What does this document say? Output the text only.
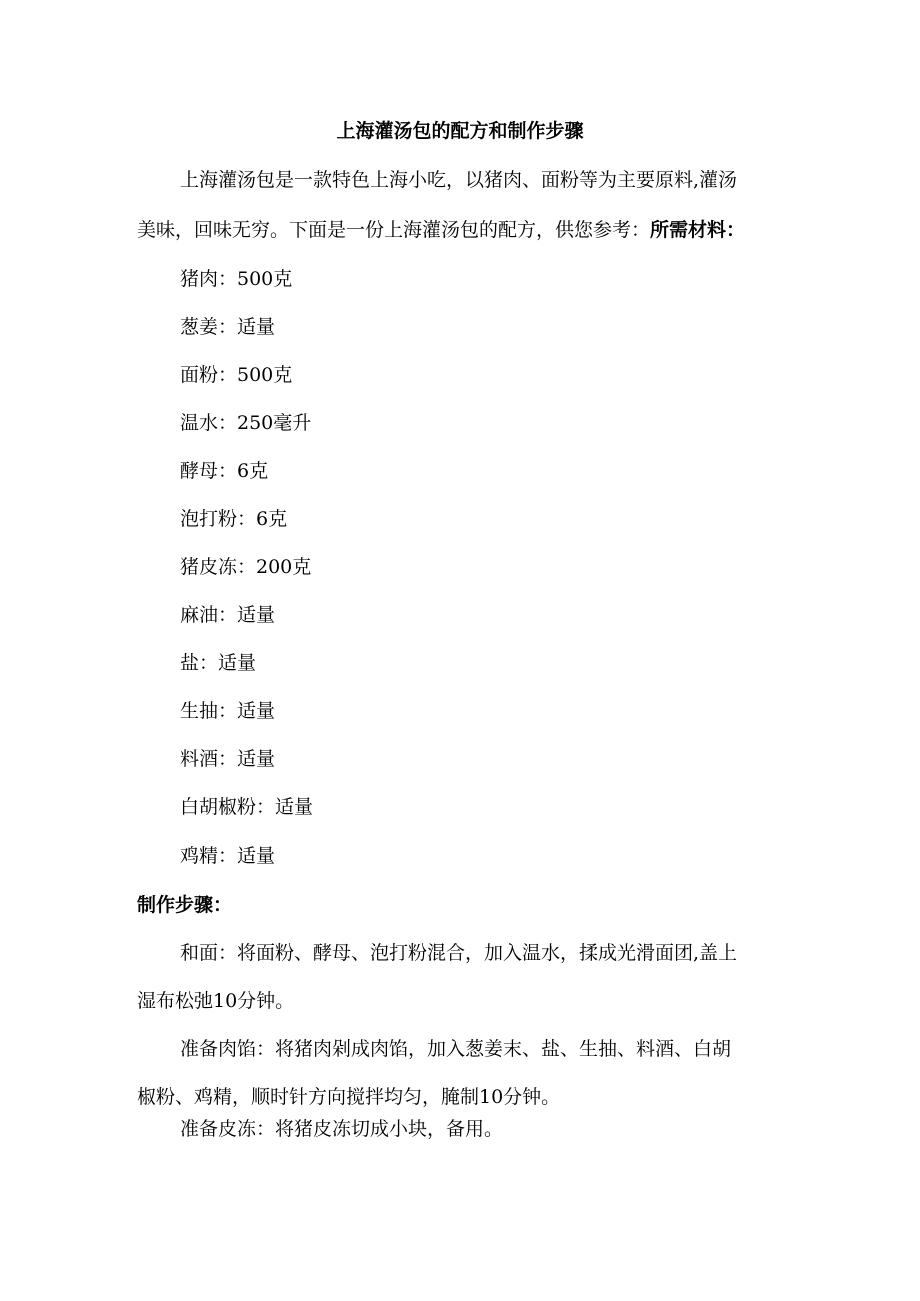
上海灌汤包的配方和制作步骤
上海灌汤包是一款特色上海小吃，以猪肉、面粉等为主要原料,灌汤
美味，回味无穷。下面是一份上海灌汤包的配方，供您参考：所需材料：
猪肉：500克
葱姜：适量
面粉：500克
温水：250毫升
酵母：6克
泡打粉：6克
猪皮冻：200克
麻油：适量
盐：适量
生抽：适量
料酒：适量
白胡椒粉：适量
鸡精：适量
制作步骤：
和面：将面粉、酵母、泡打粉混合，加入温水，揉成光滑面团,盖上
湿布松弛10分钟。
准备肉馅：将猪肉剁成肉馅，加入葱姜末、盐、生抽、料酒、白胡
椒粉、鸡精，顺时针方向搅拌均匀，腌制10分钟。
准备皮冻：将猪皮冻切成小块，备用。
